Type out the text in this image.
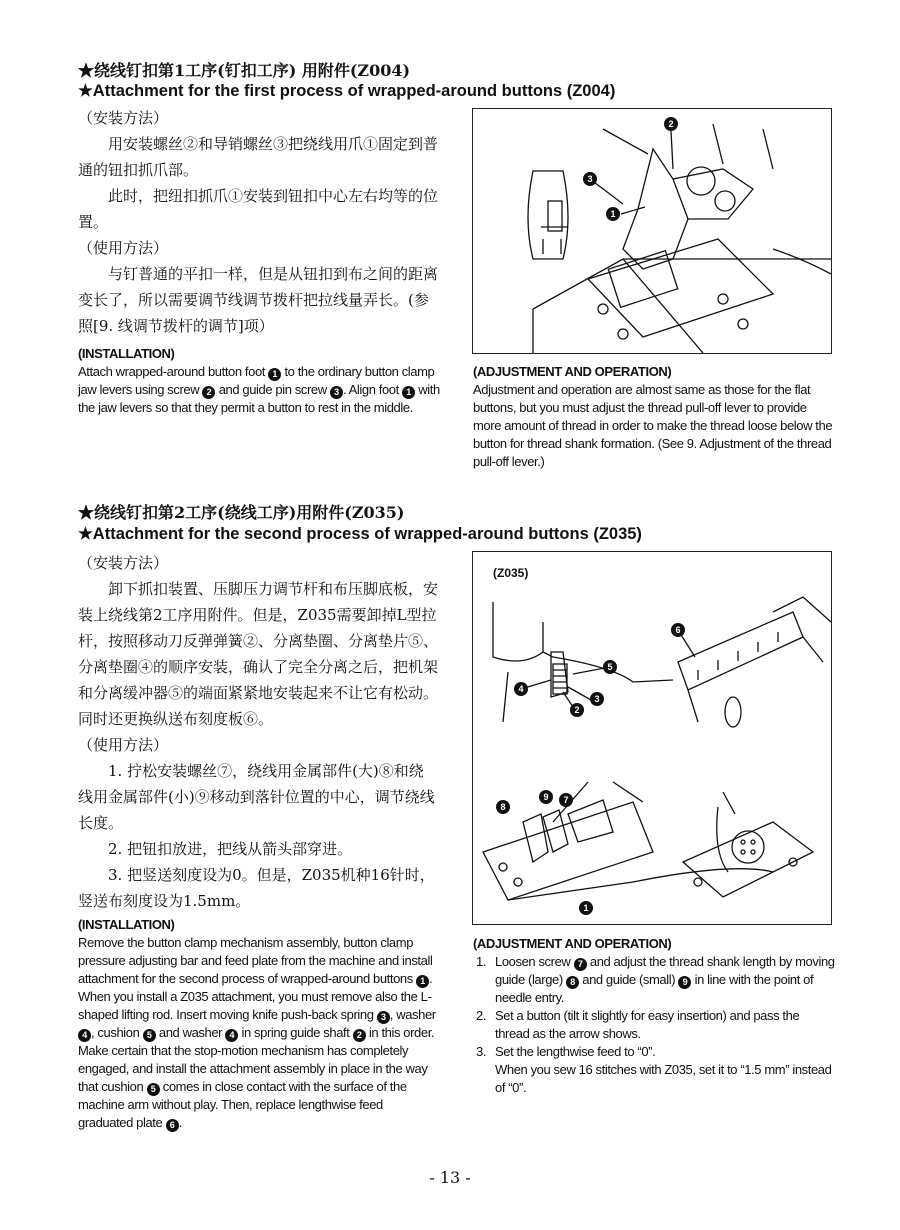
★绕线钉扣第1工序(钉扣工序) 用附件(Z004)
★Attachment for the first process of wrapped-around buttons (Z004)

（安装方法）

用安装螺丝②和导销螺丝③把绕线用爪①固定到普通的钮扣抓爪部。

此时，把纽扣抓爪①安装到钮扣中心左右均等的位置。

（使用方法）

与钉普通的平扣一样，但是从钮扣到布之间的距离变长了，所以需要调节线调节拨杆把拉线量弄长。(参照[9. 线调节拨杆的调节]项）

2
3
1

(INSTALLATION)

Attach wrapped-around button foot 1 to the ordinary button clamp jaw levers using screw 2 and guide pin screw 3 . Align foot 1 with the jaw levers so that they permit a button to rest in the middle.

(ADJUSTMENT AND OPERATION)

Adjustment and operation are almost same as those for the flat buttons, but you must adjust the thread pull-off lever to provide more amount of thread in order to make the thread loose below the button for thread shank formation. (See 9. Adjustment of the thread pull-off lever.)

★绕线钉扣第2工序(绕线工序)用附件(Z035)
★Attachment for the second process of wrapped-around buttons (Z035)

（安装方法）

卸下抓扣装置、压脚压力调节杆和布压脚底板，安装上绕线第2工序用附件。但是，Z035需要卸掉L型拉杆，按照移动刀反弹弹簧②、分离垫圈、分离垫片⑤、分离垫圈④的顺序安装，确认了完全分离之后，把机架和分离缓冲器⑤的端面紧紧地安装起来不让它有松动。同时还更换纵送布刻度板⑥。

（使用方法）

1. 拧松安装螺丝⑦，绕线用金属部件(大)⑧和绕线用金属部件(小)⑨移动到落针位置的中心，调节绕线长度。

2. 把钮扣放进，把线从箭头部穿进。

3. 把竖送刻度设为0。但是，Z035机种16针时，竖送布刻度设为1.5mm。

(Z035)
6
5
3
2
4
8
9 7
1

(INSTALLATION)

Remove the button clamp mechanism assembly, button clamp pressure adjusting bar and feed plate from the machine and install attachment for the second process of wrapped-around buttons 1 . When you install a Z035 attachment, you must remove also the L-shaped lifting rod. Insert moving knife push-back spring 3 , washer 4 , cushion 5 and washer 4 in spring guide shaft 2 in this order. Make certain that the stop-motion mechanism has completely engaged, and install the attachment assembly in place in the way that cushion 5 comes in close contact with the surface of the machine arm without play. Then, replace lengthwise feed graduated plate 6 .

(ADJUSTMENT AND OPERATION)

1. Loosen screw 7 and adjust the thread shank length by moving guide (large) 8 and guide (small) 9 in line with the point of needle entry.
2. Set a button (tilt it slightly for easy insertion) and pass the thread as the arrow shows.
3. Set the lengthwise feed to “0”.
When you sew 16 stitches with Z035, set it to “1.5 mm” instead of “0”.
- 13 -
